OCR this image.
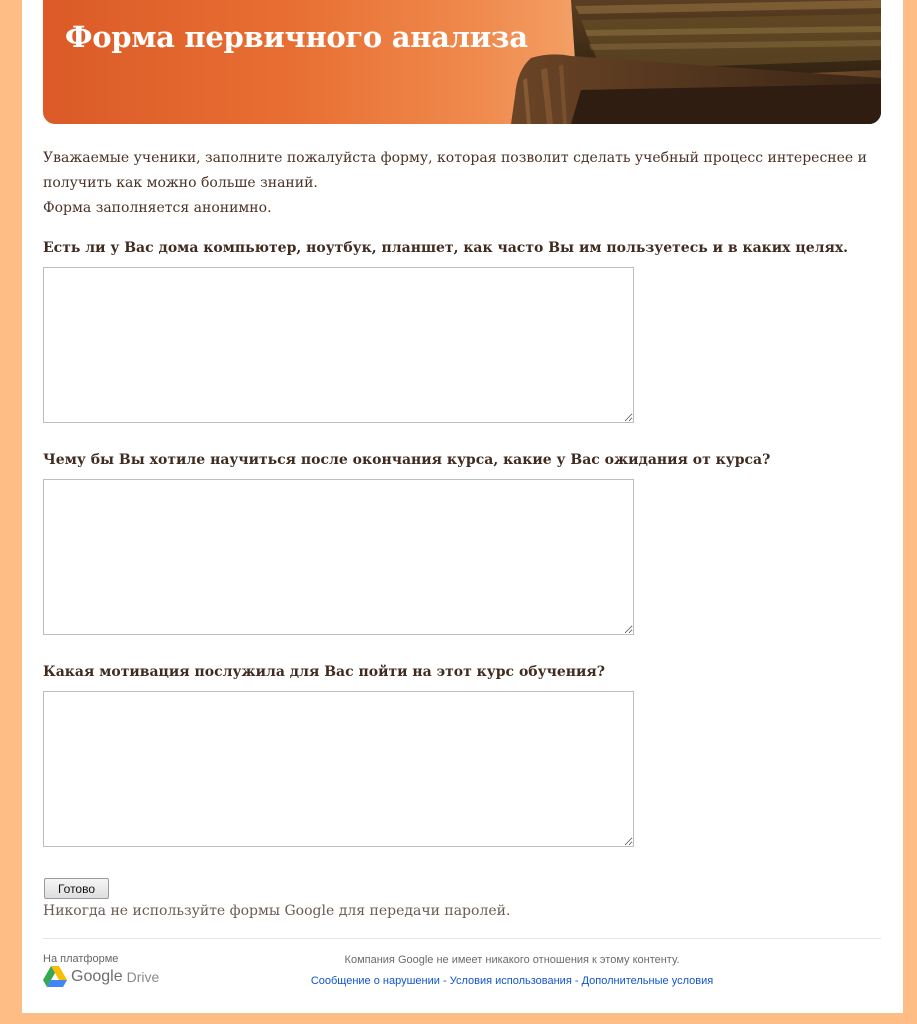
Форма первичного анализа

Уважаемые ученики, заполните пожалуйста форму, которая позволит сделать учебный процесс интереснее и получить как можно больше знаний.

Форма заполняется анонимно.

Есть ли у Вас дома компьютер, ноутбук, планшет, как часто Вы им пользуетесь и в каких целях.
Чему бы Вы хотиле научиться после окончания курса, какие у Вас ожидания от курса?
Какая мотивация послужила для Вас пойти на этот курс обучения?
Готово
Никогда не используйте формы Google для передачи паролей.
На платформе
Google Drive
Компания Google не имеет никакого отношения к этому контенту.
Сообщение о нарушении - Условия использования - Дополнительные условия
